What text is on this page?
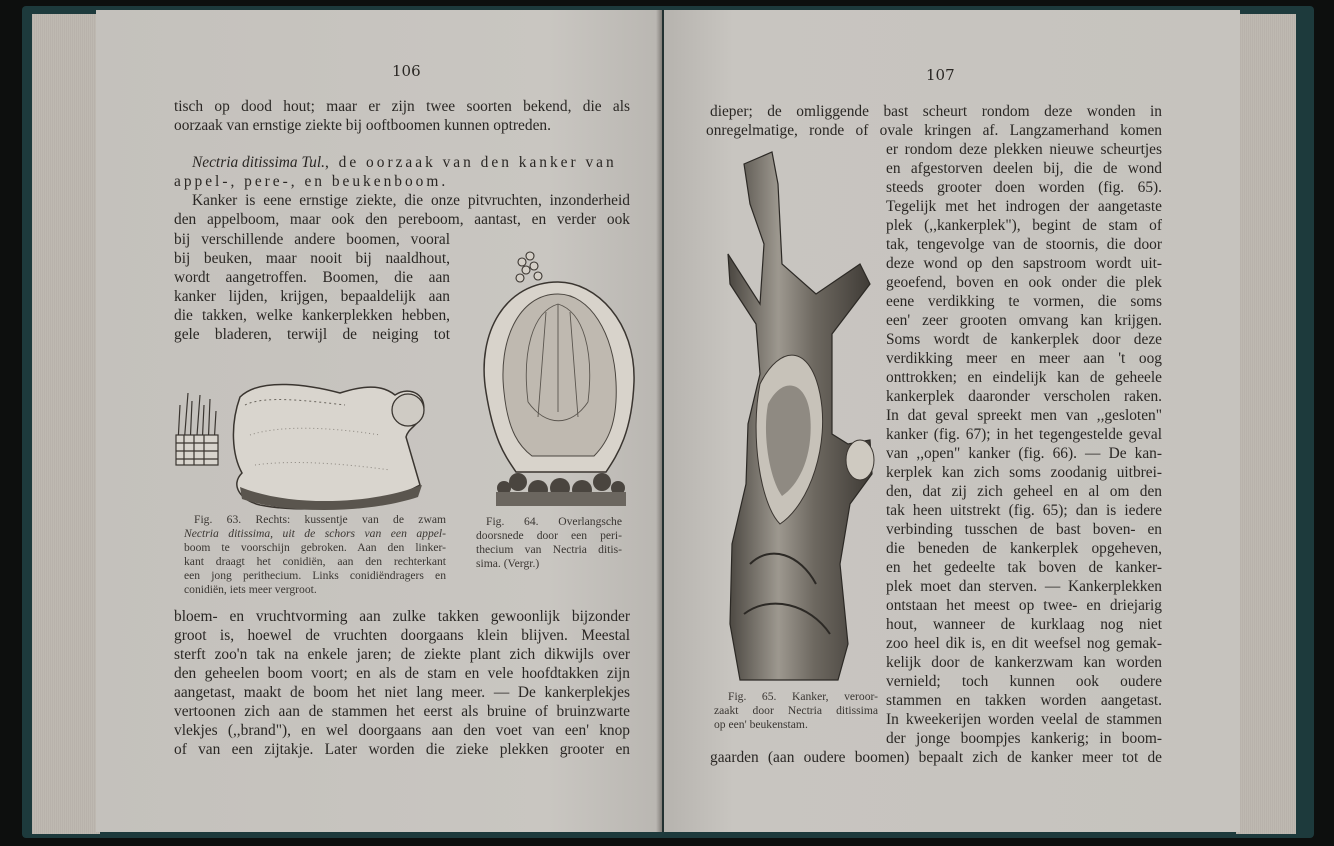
106
tisch op dood hout; maar er zijn twee soorten bekend, die als
oorzaak van ernstige ziekte bij ooftboomen kunnen optreden.
Nectria ditissima Tul., de oorzaak van den kanker van
appel-, pere-, en beukenboom.
Kanker is eene ernstige ziekte, die onze pitvruchten, inzonderheid
den appelboom, maar ook den pereboom, aantast, en verder ook
bij verschillende andere boomen, vooral
bij beuken, maar nooit bij naaldhout,
wordt aangetroffen. Boomen, die aan
kanker lijden, krijgen, bepaaldelijk aan
die takken, welke kankerplekken hebben,
gele bladeren, terwijl de neiging tot
Fig. 63. Rechts: kussentje van de zwam
Nectria ditissima, uit de schors van een appel-
boom te voorschijn gebroken. Aan den linker-
kant draagt het conidiën, aan den rechterkant
een jong perithecium. Links conidiëndragers en
conidiën, iets meer vergroot.
Fig. 64. Overlangsche
doorsnede door een peri-
thecium van Nectria ditis-
sima. (Vergr.)
bloem- en vruchtvorming aan zulke takken gewoonlijk bijzonder
groot is, hoewel de vruchten doorgaans klein blijven. Meestal
sterft zoo'n tak na enkele jaren; de ziekte plant zich dikwijls over
den geheelen boom voort; en als de stam en vele hoofdtakken zijn
aangetast, maakt de boom het niet lang meer. — De kankerplekjes
vertoonen zich aan de stammen het eerst als bruine of bruinzwarte
vlekjes (,,brand"), en wel doorgaans aan den voet van een' knop
of van een zijtakje. Later worden die zieke plekken grooter en
107
dieper; de omliggende bast scheurt rondom deze wonden in
onregelmatige, ronde of ovale kringen af. Langzamerhand komen
er rondom deze plekken nieuwe scheurtjes
en afgestorven deelen bij, die de wond
steeds grooter doen worden (fig. 65).
Tegelijk met het indrogen der aangetaste
plek (,,kankerplek"), begint de stam of
tak, tengevolge van de stoornis, die door
deze wond op den sapstroom wordt uit-
geoefend, boven en ook onder die plek
eene verdikking te vormen, die soms
een' zeer grooten omvang kan krijgen.
Soms wordt de kankerplek door deze
verdikking meer en meer aan 't oog
onttrokken; en eindelijk kan de geheele
kankerplek daaronder verscholen raken.
In dat geval spreekt men van ,,gesloten"
kanker (fig. 67); in het tegengestelde geval
van ,,open" kanker (fig. 66). — De kan-
kerplek kan zich soms zoodanig uitbrei-
den, dat zij zich geheel en al om den
tak heen uitstrekt (fig. 65); dan is iedere
verbinding tusschen de bast boven- en
die beneden de kankerplek opgeheven,
en het gedeelte tak boven de kanker-
plek moet dan sterven. — Kankerplekken
ontstaan het meest op twee- en driejarig
hout, wanneer de kurklaag nog niet
zoo heel dik is, en dit weefsel nog gemak-
kelijk door de kankerzwam kan worden
vernield; toch kunnen ook oudere
stammen en takken worden aangetast.
In kweekerijen worden veelal de stammen
der jonge boompjes kankerig; in boom-
Fig. 65. Kanker, veroor-
zaakt door Nectria ditissima
op een' beukenstam.
gaarden (aan oudere boomen) bepaalt zich de kanker meer tot de
